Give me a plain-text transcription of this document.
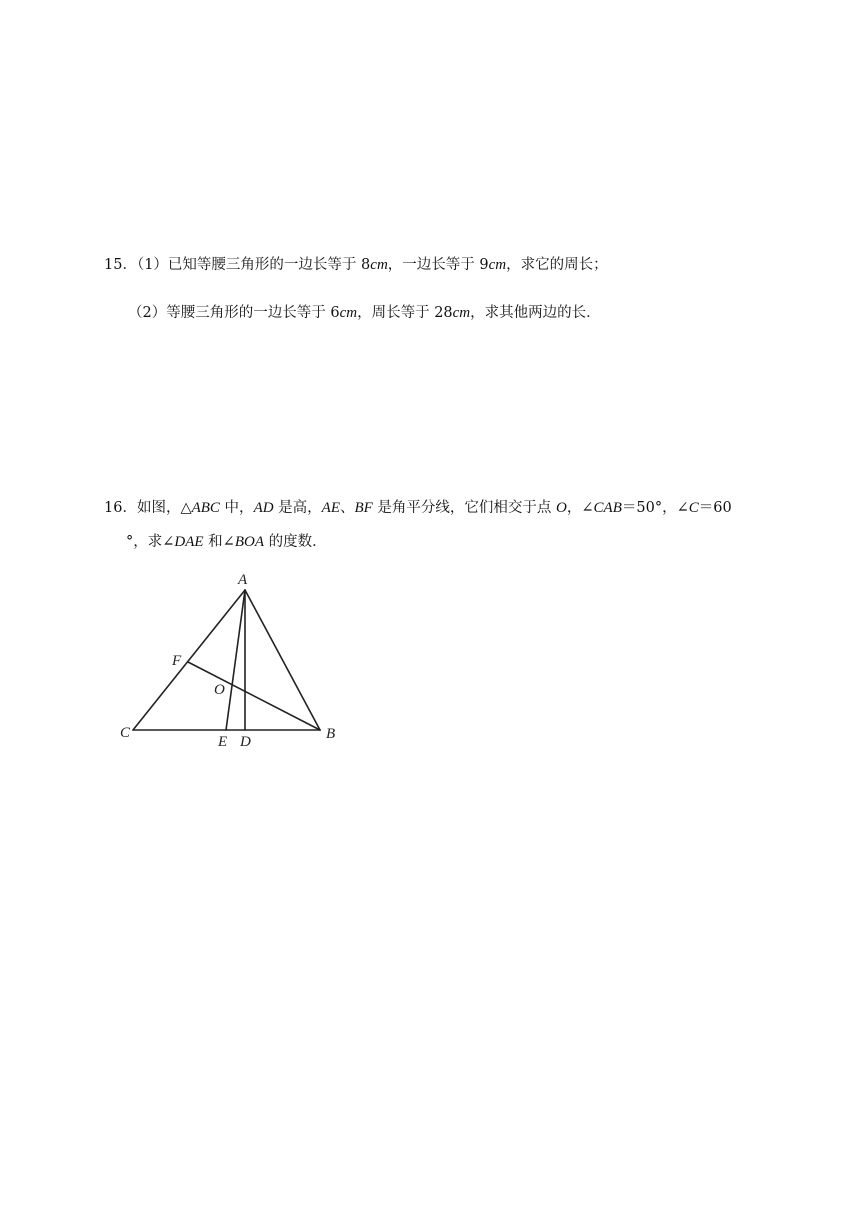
15．（1）已知等腰三角形的一边长等于 8cm，一边长等于 9cm，求它的周长；
（2）等腰三角形的一边长等于 6cm，周长等于 28cm，求其他两边的长．
16．如图，△ABC 中，AD 是高，AE、BF 是角平分线，它们相交于点 O，∠CAB＝50°，∠C＝60
°，求∠DAE 和∠BOA 的度数．
A
B
C
D
E
F
O
